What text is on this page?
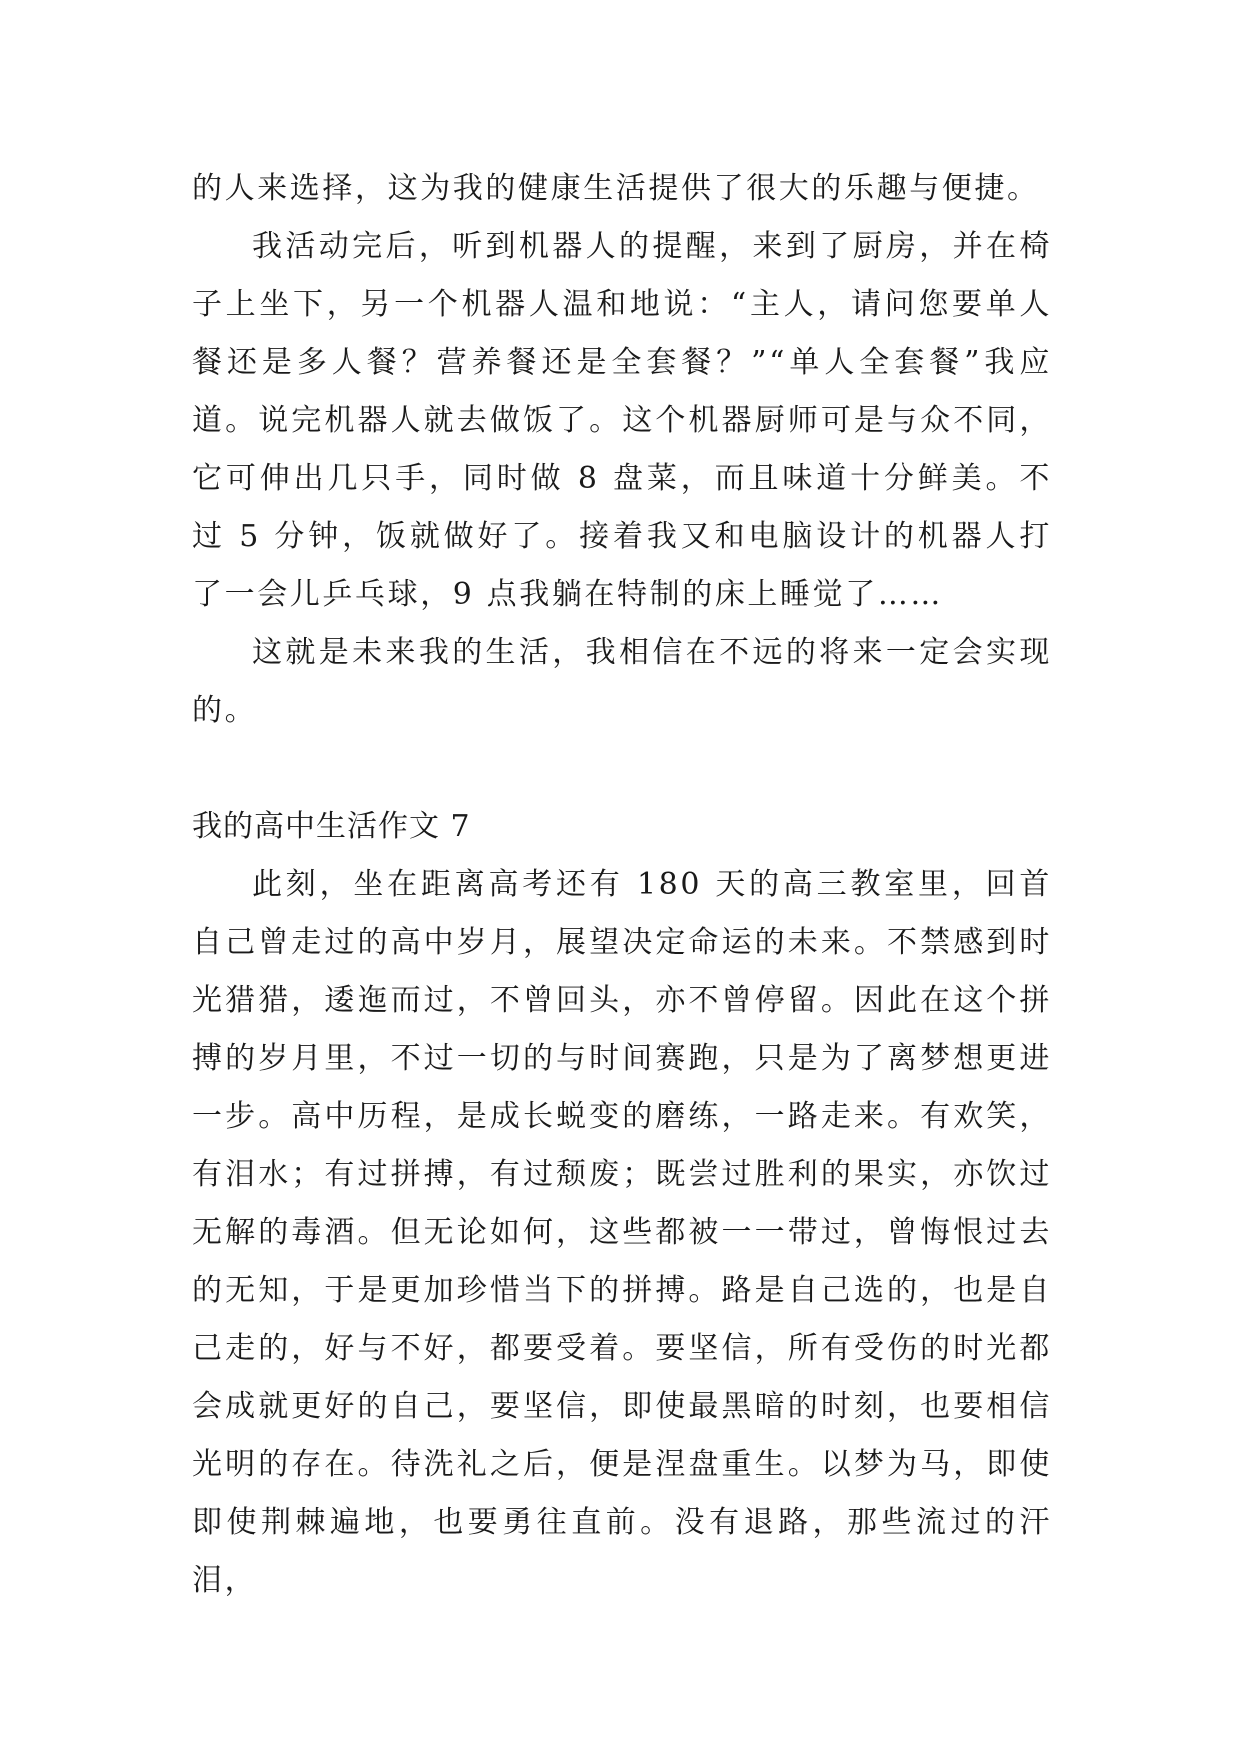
的人来选择，这为我的健康生活提供了很大的乐趣与便捷。

我活动完后，听到机器人的提醒，来到了厨房，并在椅子上坐下，另一个机器人温和地说：“主人，请问您要单人餐还是多人餐？营养餐还是全套餐？”“单人全套餐”我应道。说完机器人就去做饭了。这个机器厨师可是与众不同，它可伸出几只手，同时做 8 盘菜，而且味道十分鲜美。不过 5 分钟，饭就做好了。接着我又和电脑设计的机器人打了一会儿乒乓球，9 点我躺在特制的床上睡觉了……

这就是未来我的生活，我相信在不远的将来一定会实现的。

我的高中生活作文 7

此刻，坐在距离高考还有 180 天的高三教室里，回首自己曾走过的高中岁月，展望决定命运的未来。不禁感到时光猎猎，逶迤而过，不曾回头，亦不曾停留。因此在这个拼搏的岁月里，不过一切的与时间赛跑，只是为了离梦想更进一步。高中历程，是成长蜕变的磨练，一路走来。有欢笑，有泪水；有过拼搏，有过颓废；既尝过胜利的果实，亦饮过无解的毒酒。但无论如何，这些都被一一带过，曾悔恨过去的无知，于是更加珍惜当下的拼搏。路是自己选的，也是自己走的，好与不好，都要受着。要坚信，所有受伤的时光都会成就更好的自己，要坚信，即使最黑暗的时刻，也要相信光明的存在。待洗礼之后，便是涅盘重生。以梦为马，即使即使荆棘遍地，也要勇往直前。没有退路，那些流过的汗泪，
